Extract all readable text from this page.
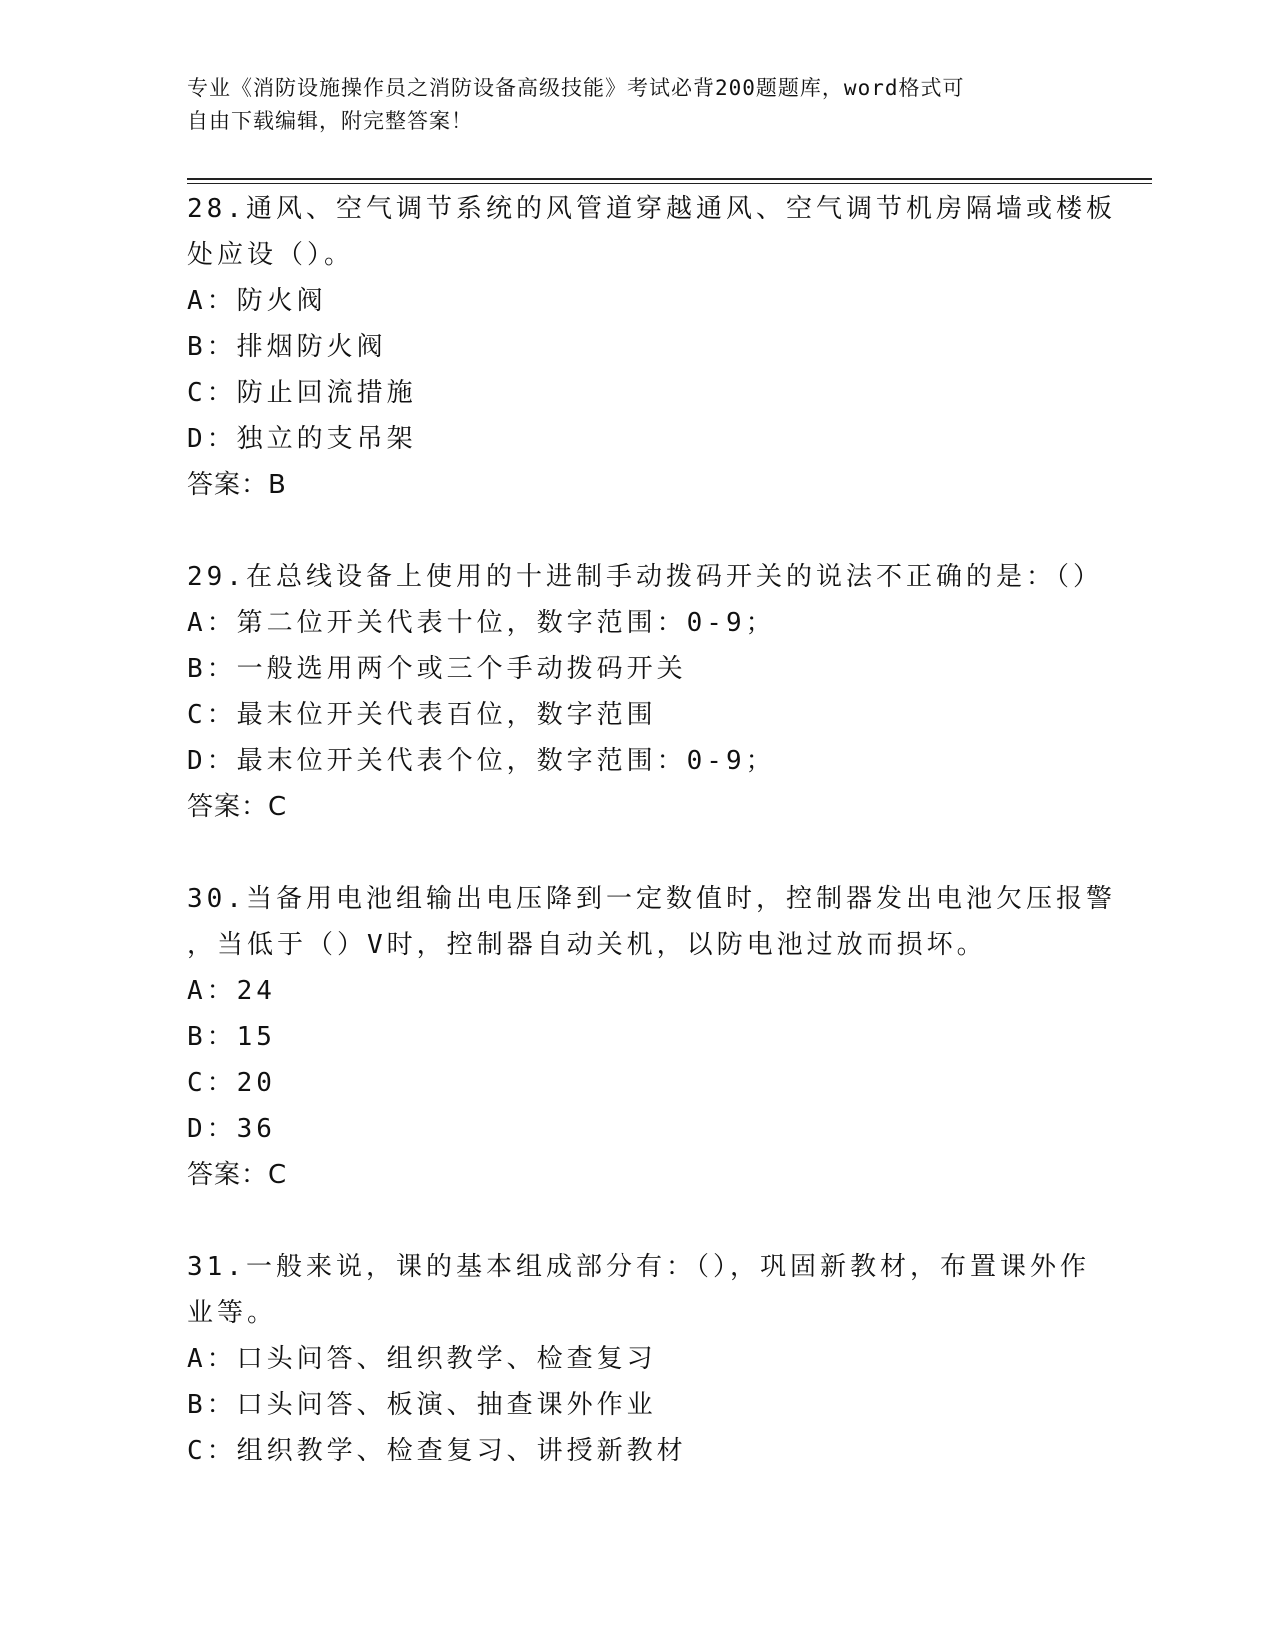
专业《消防设施操作员之消防设备高级技能》考试必背200题题库，word格式可
自由下载编辑，附完整答案！
28.通风、空气调节系统的风管道穿越通风、空气调节机房隔墙或楼板
处应设（）。
A：防火阀
B：排烟防火阀
C：防止回流措施
D：独立的支吊架
答案：B
29.在总线设备上使用的十进制手动拨码开关的说法不正确的是：（）
A：第二位开关代表十位，数字范围：0-9；
B：一般选用两个或三个手动拨码开关
C：最末位开关代表百位，数字范围
D：最末位开关代表个位，数字范围：0-9；
答案：C
30.当备用电池组输出电压降到一定数值时，控制器发出电池欠压报警
，当低于（）V时，控制器自动关机，以防电池过放而损坏。
A：24
B：15
C：20
D：36
答案：C
31.一般来说，课的基本组成部分有：（），巩固新教材，布置课外作
业等。
A：口头问答、组织教学、检查复习
B：口头问答、板演、抽查课外作业
C：组织教学、检查复习、讲授新教材
